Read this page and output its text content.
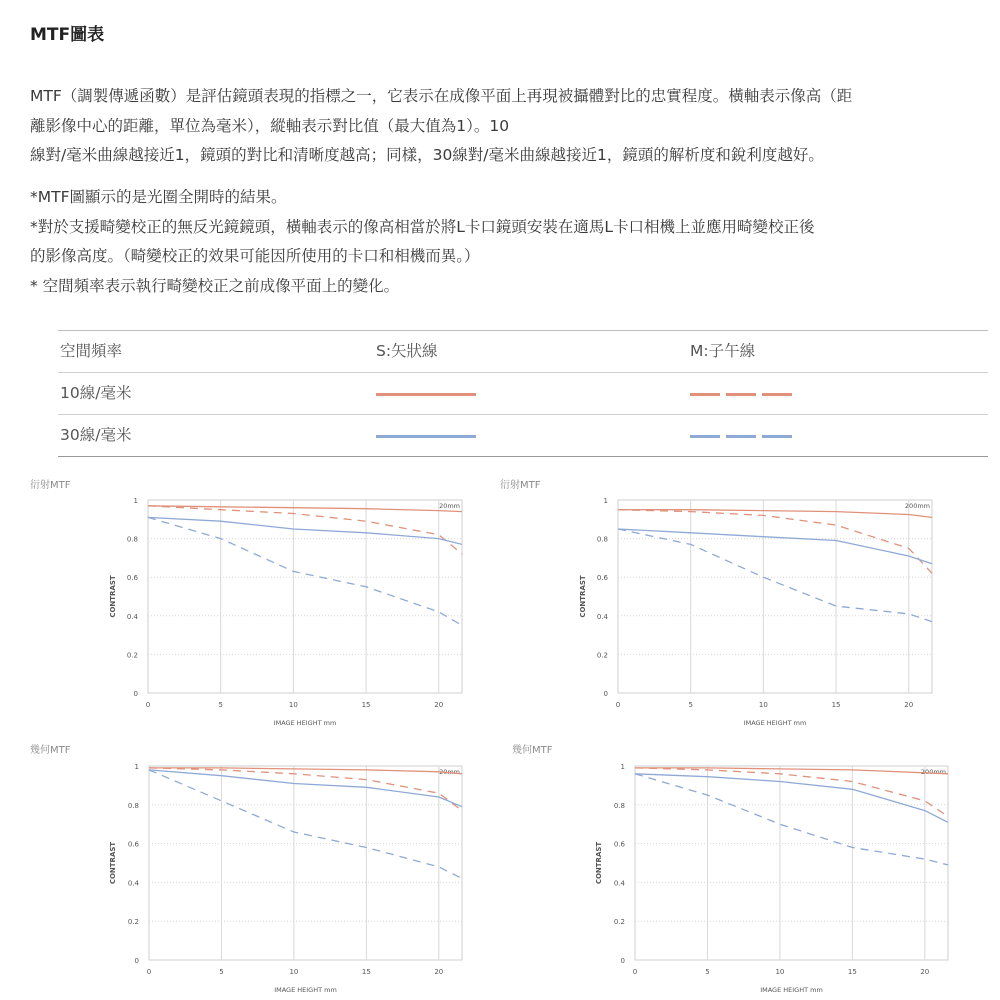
MTF圖表
MTF（調製傳遞函數）是評估鏡頭表現的指標之一，它表示在成像平面上再現被攝體對比的忠實程度。橫軸表示像高（距
離影像中心的距離，單位為毫米），縱軸表示對比值（最大值為1）。10
線對/毫米曲線越接近1，鏡頭的對比和清晰度越高；同樣，30線對/毫米曲線越接近1，鏡頭的解析度和銳利度越好。
*MTF圖顯示的是光圈全開時的結果。
*對於支援畸變校正的無反光鏡鏡頭，橫軸表示的像高相當於將L卡口鏡頭安裝在適馬L卡口相機上並應用畸變校正後
的影像高度。（畸變校正的效果可能因所使用的卡口和相機而異。）
* 空間頻率表示執行畸變校正之前成像平面上的變化。
空間頻率	S:矢狀線	M:子午線
10線/毫米
30線/毫米
衍射MTF	衍射MTF
幾何MTF	幾何MTF
0
0.2
0.4
0.6
0.8
1
0	5	10	15	20
IMAGE HEIGHT mm
CONTRAST
20mm
0
0.2
0.4
0.6
0.8
1
0	5	10	15	20
IMAGE HEIGHT mm
CONTRAST
200mm
0
0.2
0.4
0.6
0.8
1
0	5	10	15	20
IMAGE HEIGHT mm
CONTRAST
20mm
0
0.2
0.4
0.6
0.8
1
0	5	10	15	20
IMAGE HEIGHT mm
CONTRAST
200mm
